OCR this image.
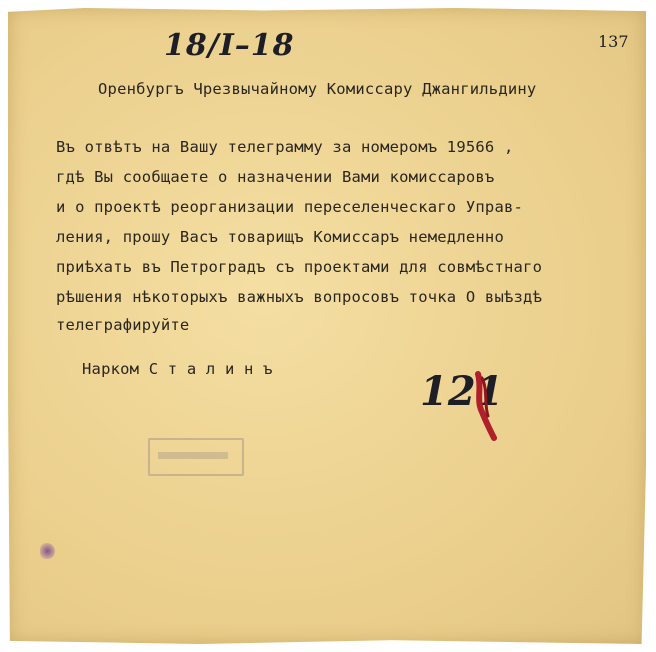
137
18/I–18
Оренбургъ Чрезвычайному Комиссару Джангильдину
Въ отвѣтъ на Вашу телеграмму за номеромъ 19566 ,
гдѣ Вы сообщаете о назначении Вами комиссаровъ
и о проектѣ реорганизации переселенческаго Управ-
ления, прошу Васъ товарищъ Комиссаръ немедленно
приѣхать въ Петроградъ съ проектами для совмѣстнаго
рѣшения нѣкоторыхъ важныхъ вопросовъ точка О выѣздѣ
телеграфируйте
Нарком С т а л и н ъ	121
